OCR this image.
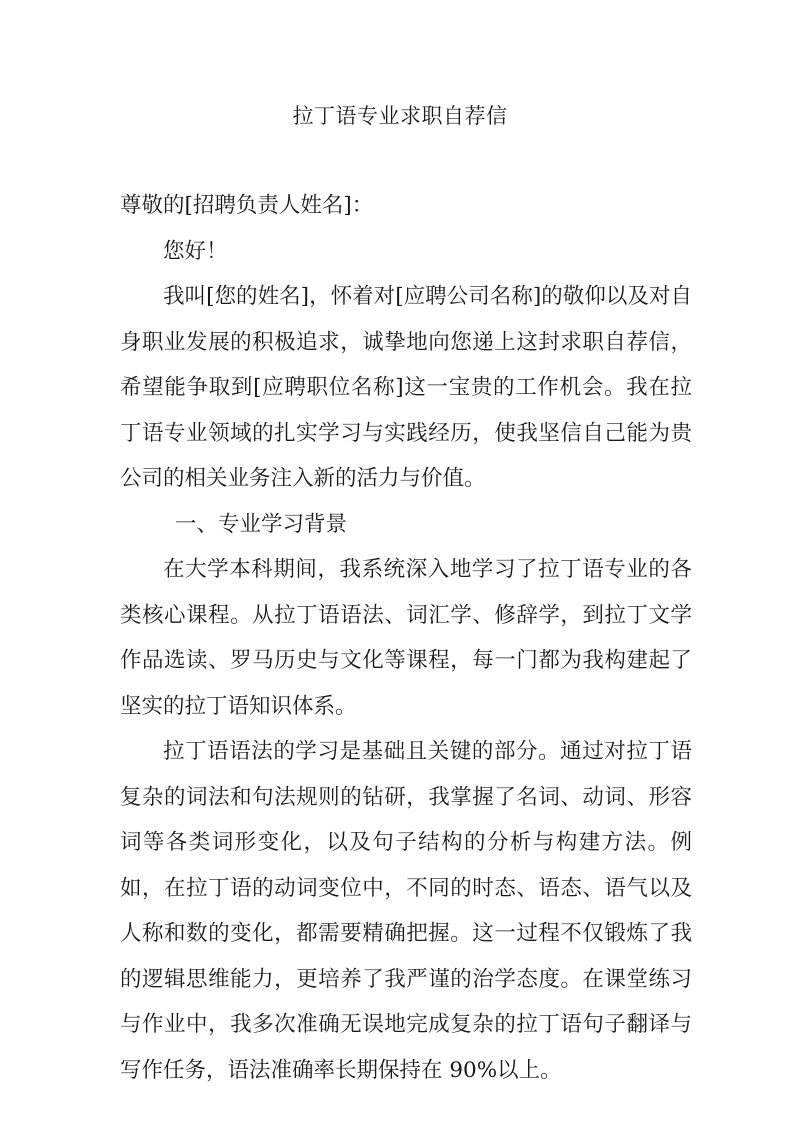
拉丁语专业求职自荐信

尊敬的[招聘负责人姓名]：

您好！

我叫[您的姓名]，怀着对[应聘公司名称]的敬仰以及对自身职业发展的积极追求，诚挚地向您递上这封求职自荐信，希望能争取到[应聘职位名称]这一宝贵的工作机会。我在拉丁语专业领域的扎实学习与实践经历，使我坚信自己能为贵公司的相关业务注入新的活力与价值。

一、专业学习背景

在大学本科期间，我系统深入地学习了拉丁语专业的各类核心课程。从拉丁语语法、词汇学、修辞学，到拉丁文学作品选读、罗马历史与文化等课程，每一门都为我构建起了坚实的拉丁语知识体系。

拉丁语语法的学习是基础且关键的部分。通过对拉丁语复杂的词法和句法规则的钻研，我掌握了名词、动词、形容词等各类词形变化，以及句子结构的分析与构建方法。例如，在拉丁语的动词变位中，不同的时态、语态、语气以及人称和数的变化，都需要精确把握。这一过程不仅锻炼了我的逻辑思维能力，更培养了我严谨的治学态度。在课堂练习与作业中，我多次准确无误地完成复杂的拉丁语句子翻译与写作任务，语法准确率长期保持在 90%以上。
